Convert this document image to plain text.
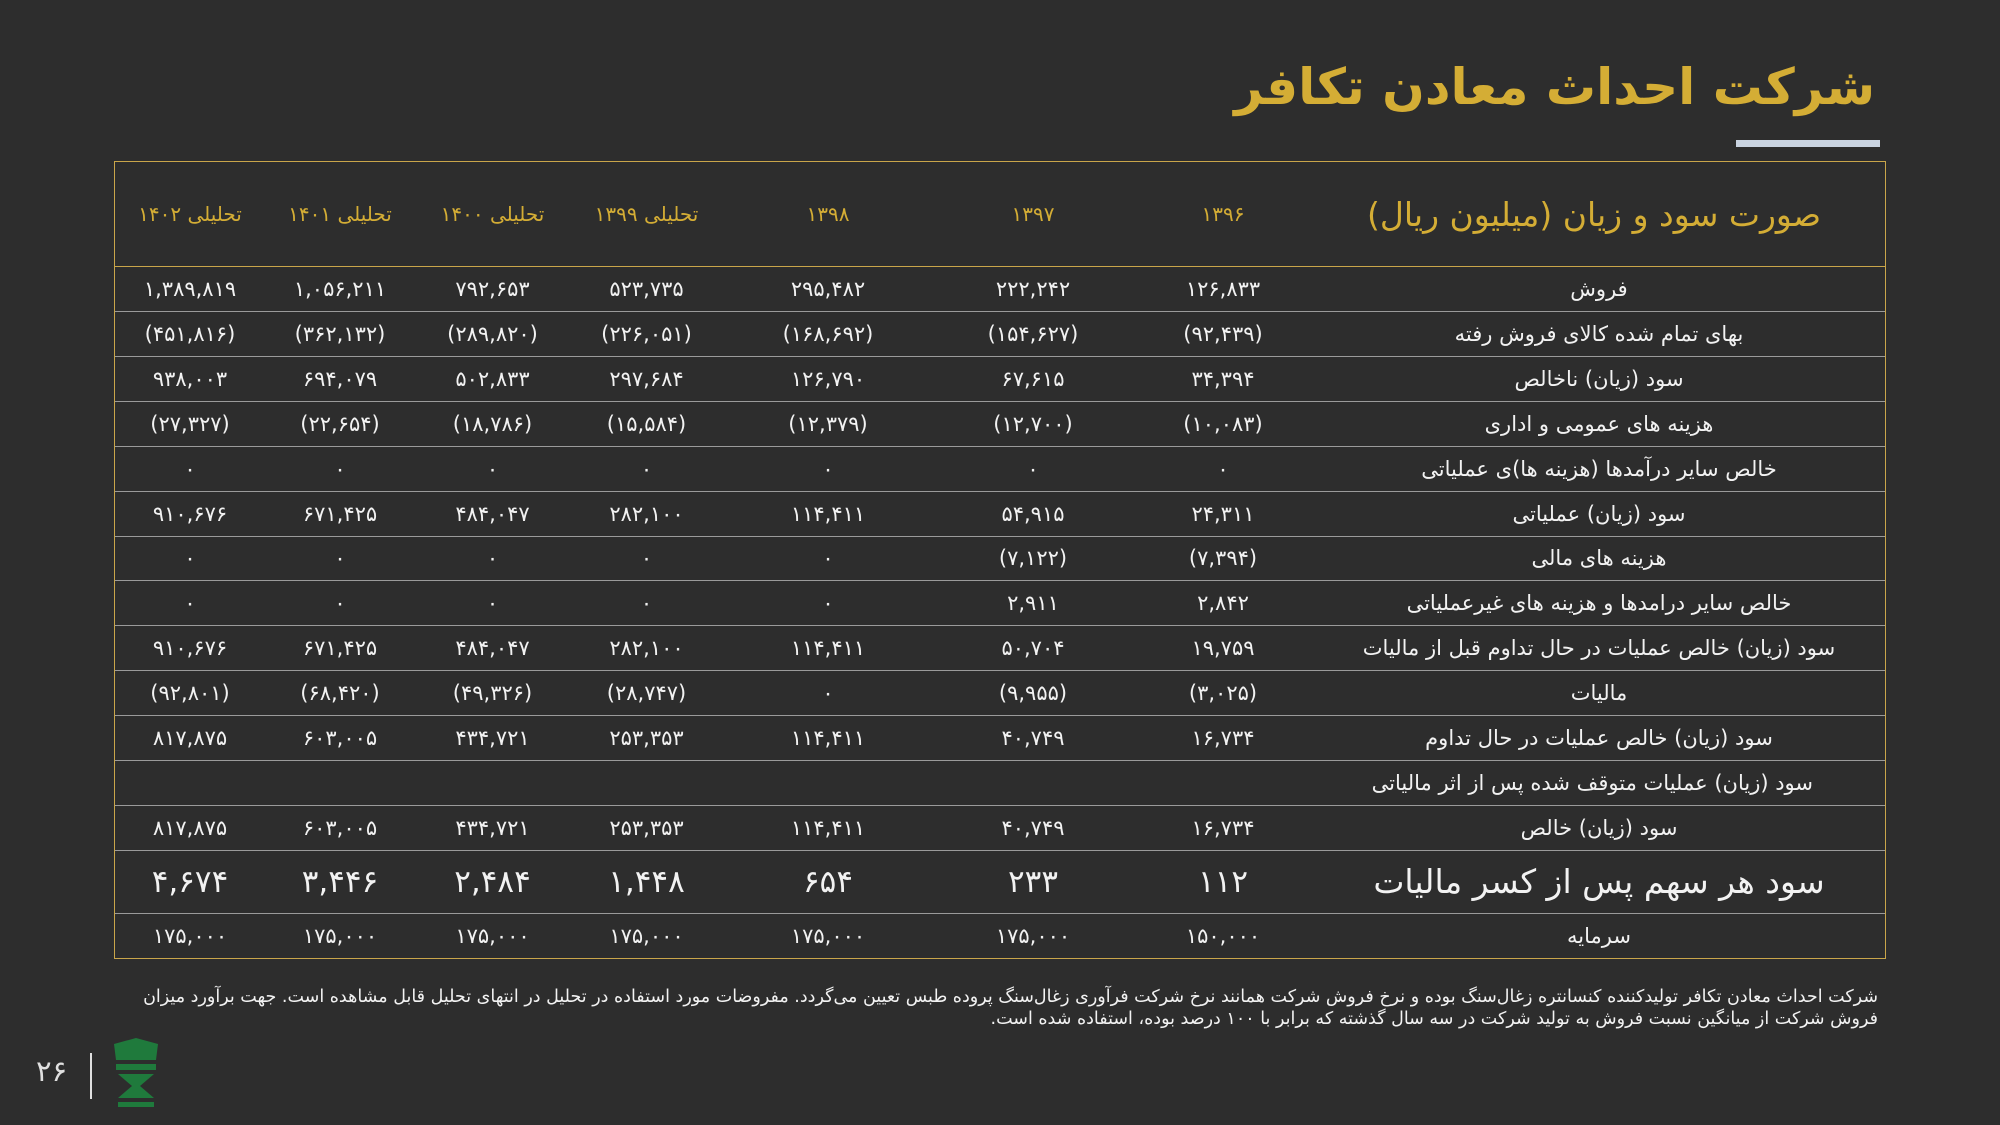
شرکت احداث معادن تکافر
تحلیلی ۱۴۰۲	تحلیلی ۱۴۰۱	تحلیلی ۱۴۰۰	تحلیلی ۱۳۹۹	۱۳۹۸	۱۳۹۷	۱۳۹۶	صورت سود و زیان (میلیون ریال)
۱,۳۸۹,۸۱۹	۱,۰۵۶,۲۱۱	۷۹۲,۶۵۳	۵۲۳,۷۳۵	۲۹۵,۴۸۲	۲۲۲,۲۴۲	۱۲۶,۸۳۳	فروش
(۴۵۱,۸۱۶)	(۳۶۲,۱۳۲)	(۲۸۹,۸۲۰)	(۲۲۶,۰۵۱)	(۱۶۸,۶۹۲)	(۱۵۴,۶۲۷)	(۹۲,۴۳۹)	بهای تمام شده کالای فروش رفته
۹۳۸,۰۰۳	۶۹۴,۰۷۹	۵۰۲,۸۳۳	۲۹۷,۶۸۴	۱۲۶,۷۹۰	۶۷,۶۱۵	۳۴,۳۹۴	سود (زیان) ناخالص
(۲۷,۳۲۷)	(۲۲,۶۵۴)	(۱۸,۷۸۶)	(۱۵,۵۸۴)	(۱۲,۳۷۹)	(۱۲,۷۰۰)	(۱۰,۰۸۳)	هزینه های عمومی و اداری
۰	۰	۰	۰	۰	۰	۰	خالص سایر درآمدها (هزینه ها)ی عملیاتی
۹۱۰,۶۷۶	۶۷۱,۴۲۵	۴۸۴,۰۴۷	۲۸۲,۱۰۰	۱۱۴,۴۱۱	۵۴,۹۱۵	۲۴,۳۱۱	سود (زیان) عملیاتی
۰	۰	۰	۰	۰	(۷,۱۲۲)	(۷,۳۹۴)	هزینه های مالی
۰	۰	۰	۰	۰	۲,۹۱۱	۲,۸۴۲	خالص سایر درامدها و هزینه های غیرعملیاتی
۹۱۰,۶۷۶	۶۷۱,۴۲۵	۴۸۴,۰۴۷	۲۸۲,۱۰۰	۱۱۴,۴۱۱	۵۰,۷۰۴	۱۹,۷۵۹	سود (زیان) خالص عملیات در حال تداوم قبل از مالیات
(۹۲,۸۰۱)	(۶۸,۴۲۰)	(۴۹,۳۲۶)	(۲۸,۷۴۷)	۰	(۹,۹۵۵)	(۳,۰۲۵)	مالیات
۸۱۷,۸۷۵	۶۰۳,۰۰۵	۴۳۴,۷۲۱	۲۵۳,۳۵۳	۱۱۴,۴۱۱	۴۰,۷۴۹	۱۶,۷۳۴	سود (زیان) خالص عملیات در حال تداوم
							سود (زیان) عملیات متوقف شده پس از اثر مالیاتی
۸۱۷,۸۷۵	۶۰۳,۰۰۵	۴۳۴,۷۲۱	۲۵۳,۳۵۳	۱۱۴,۴۱۱	۴۰,۷۴۹	۱۶,۷۳۴	سود (زیان) خالص
۴,۶۷۴	۳,۴۴۶	۲,۴۸۴	۱,۴۴۸	۶۵۴	۲۳۳	۱۱۲	سود هر سهم پس از کسر مالیات
۱۷۵,۰۰۰	۱۷۵,۰۰۰	۱۷۵,۰۰۰	۱۷۵,۰۰۰	۱۷۵,۰۰۰	۱۷۵,۰۰۰	۱۵۰,۰۰۰	سرمایه
شرکت احداث معادن تکافر تولیدکننده کنسانتره زغال‌سنگ بوده و نرخ فروش شرکت همانند نرخ شرکت فرآوری زغال‌سنگ پروده طبس تعیین می‌گردد. مفروضات مورد استفاده در تحلیل در انتهای تحلیل قابل مشاهده است. جهت برآورد میزان فروش شرکت از میانگین نسبت فروش به تولید شرکت در سه سال گذشته که برابر با ۱۰۰ درصد بوده، استفاده شده است.
۲۶
